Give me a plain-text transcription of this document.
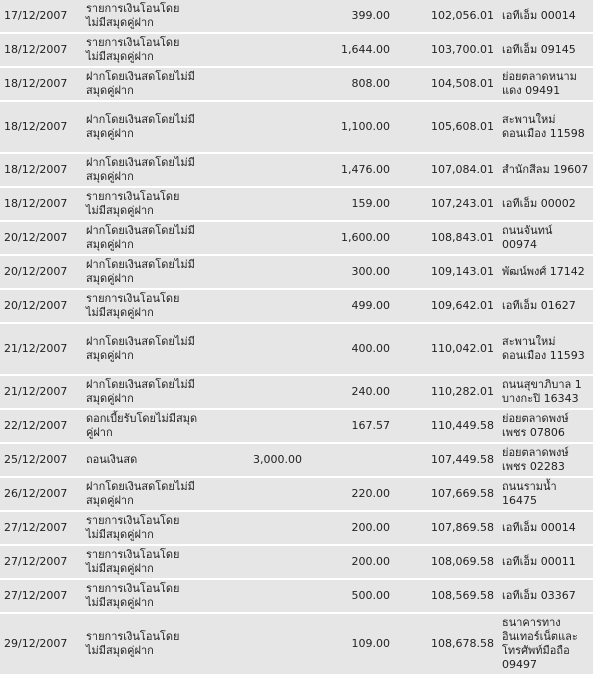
17/12/2007	รายการเงินโอนโดยไม่มีสมุดคู่ฝาก		399.00	102,056.01	เอทีเอ็ม 00014
18/12/2007	รายการเงินโอนโดยไม่มีสมุดคู่ฝาก		1,644.00	103,700.01	เอทีเอ็ม 09145
18/12/2007	ฝากโดยเงินสดโดยไม่มีสมุดคู่ฝาก		808.00	104,508.01	ย่อยตลาดหนามแดง 09491
18/12/2007	ฝากโดยเงินสดโดยไม่มีสมุดคู่ฝาก		1,100.00	105,608.01	สะพานใหม่ดอนเมือง 11598
18/12/2007	ฝากโดยเงินสดโดยไม่มีสมุดคู่ฝาก		1,476.00	107,084.01	สำนักสีลม 19607
18/12/2007	รายการเงินโอนโดยไม่มีสมุดคู่ฝาก		159.00	107,243.01	เอทีเอ็ม 00002
20/12/2007	ฝากโดยเงินสดโดยไม่มีสมุดคู่ฝาก		1,600.00	108,843.01	ถนนจันทน์ 00974
20/12/2007	ฝากโดยเงินสดโดยไม่มีสมุดคู่ฝาก		300.00	109,143.01	พัฒน์พงศ์ 17142
20/12/2007	รายการเงินโอนโดยไม่มีสมุดคู่ฝาก		499.00	109,642.01	เอทีเอ็ม 01627
21/12/2007	ฝากโดยเงินสดโดยไม่มีสมุดคู่ฝาก		400.00	110,042.01	สะพานใหม่ดอนเมือง 11593
21/12/2007	ฝากโดยเงินสดโดยไม่มีสมุดคู่ฝาก		240.00	110,282.01	ถนนสุขาภิบาล 1 บางกะปิ 16343
22/12/2007	ดอกเบี้ยรับโดยไม่มีสมุดคู่ฝาก		167.57	110,449.58	ย่อยตลาดพงษ์เพชร 07806
25/12/2007	ถอนเงินสด	3,000.00		107,449.58	ย่อยตลาดพงษ์เพชร 02283
26/12/2007	ฝากโดยเงินสดโดยไม่มีสมุดคู่ฝาก		220.00	107,669.58	ถนนรามน้ำ 16475
27/12/2007	รายการเงินโอนโดยไม่มีสมุดคู่ฝาก		200.00	107,869.58	เอทีเอ็ม 00014
27/12/2007	รายการเงินโอนโดยไม่มีสมุดคู่ฝาก		200.00	108,069.58	เอทีเอ็ม 00011
27/12/2007	รายการเงินโอนโดยไม่มีสมุดคู่ฝาก		500.00	108,569.58	เอทีเอ็ม 03367
29/12/2007	รายการเงินโอนโดยไม่มีสมุดคู่ฝาก		109.00	108,678.58	ธนาคารทางอินเทอร์เน็ตและโทรศัพท์มือถือ 09497
